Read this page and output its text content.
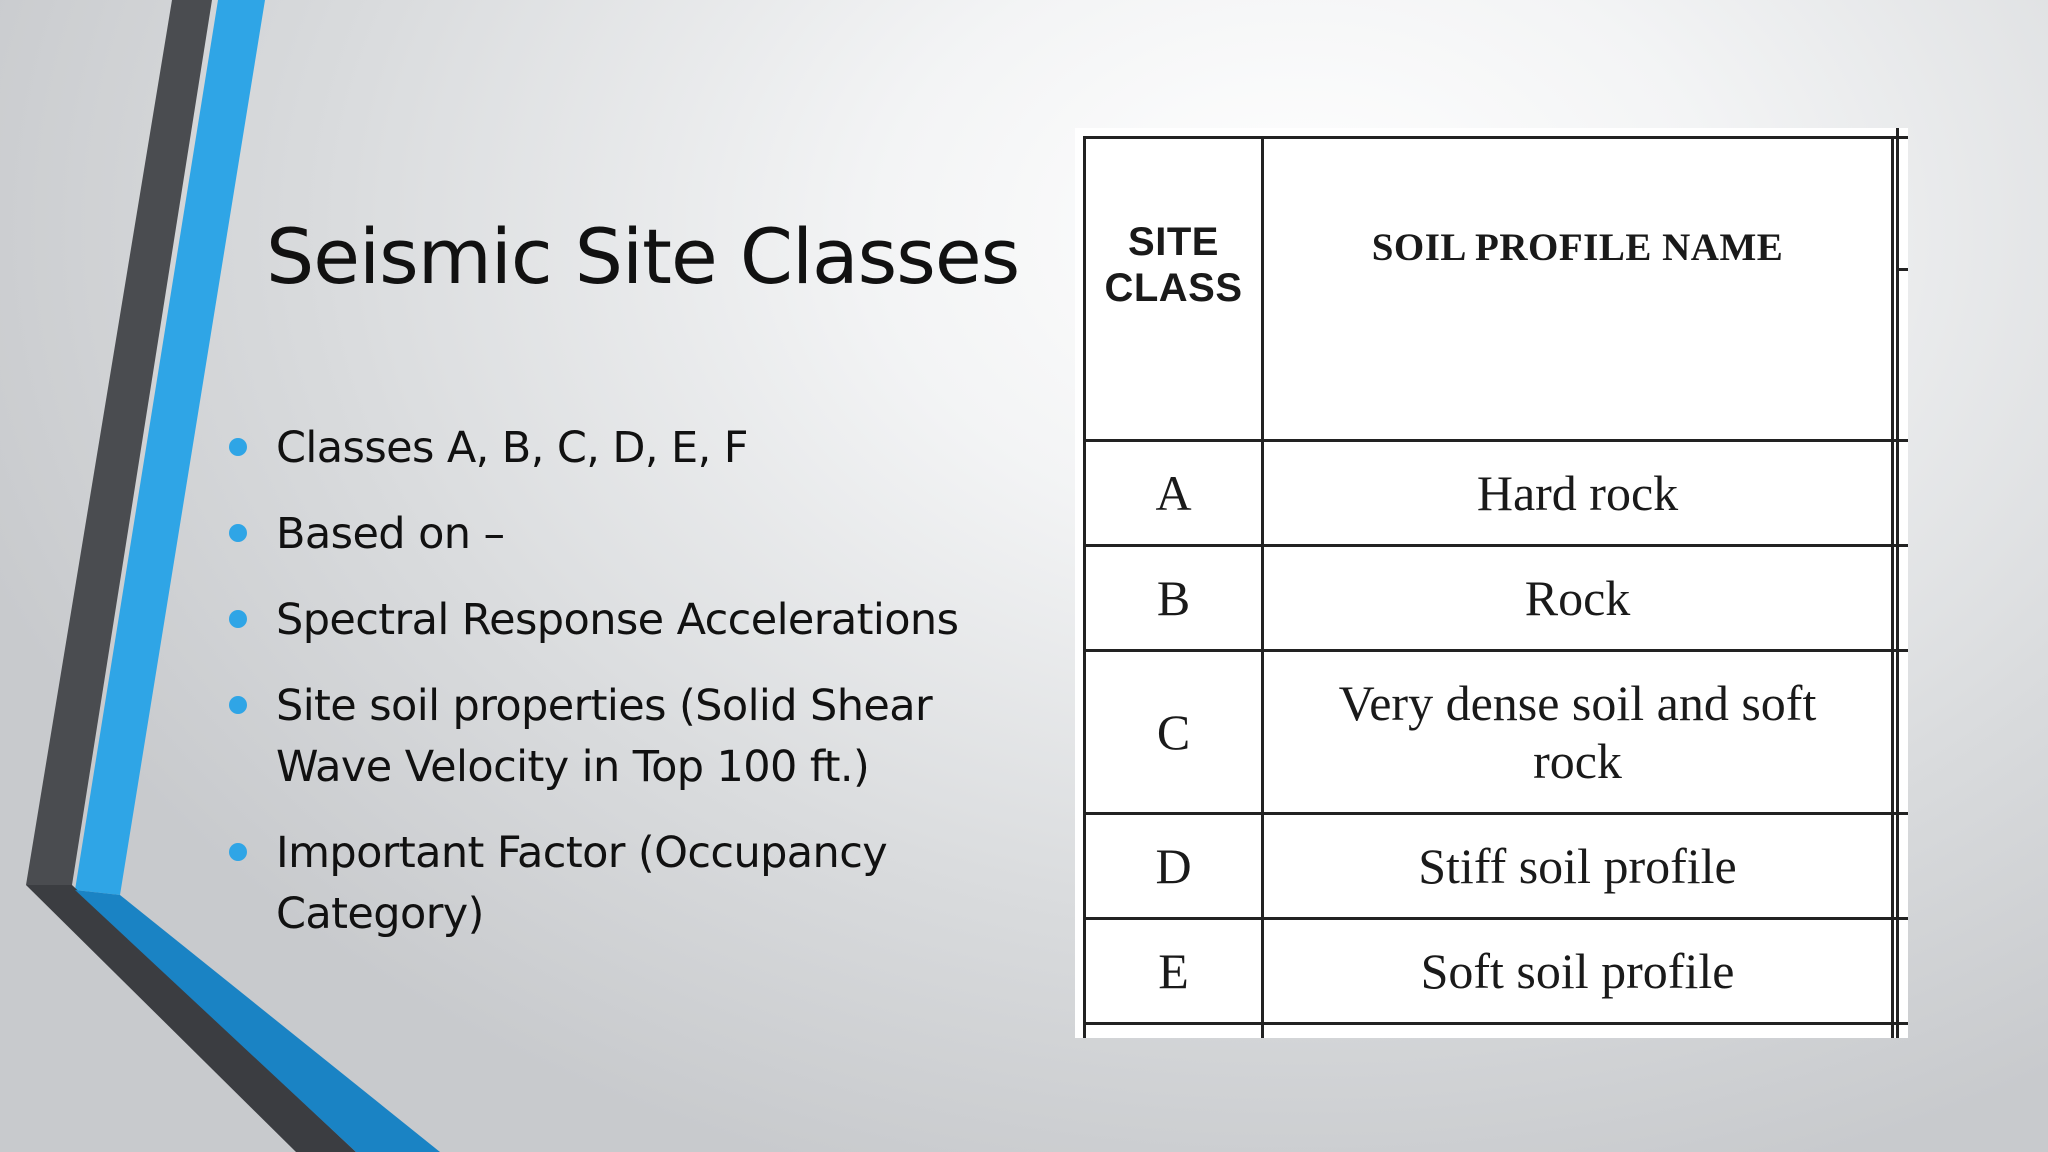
Seismic Site Classes
Classes A, B, C, D, E, F
Based on –
Spectral Response Accelerations
Site soil properties (Solid Shear Wave Velocity in Top 100 ft.)
Important Factor (Occupancy Category)
SITE
CLASS	SOIL PROFILE NAME	

A	Hard rock	
B	Rock	
C	Very dense soil and soft
rock	
D	Stiff soil profile	
E	Soft soil profile	
